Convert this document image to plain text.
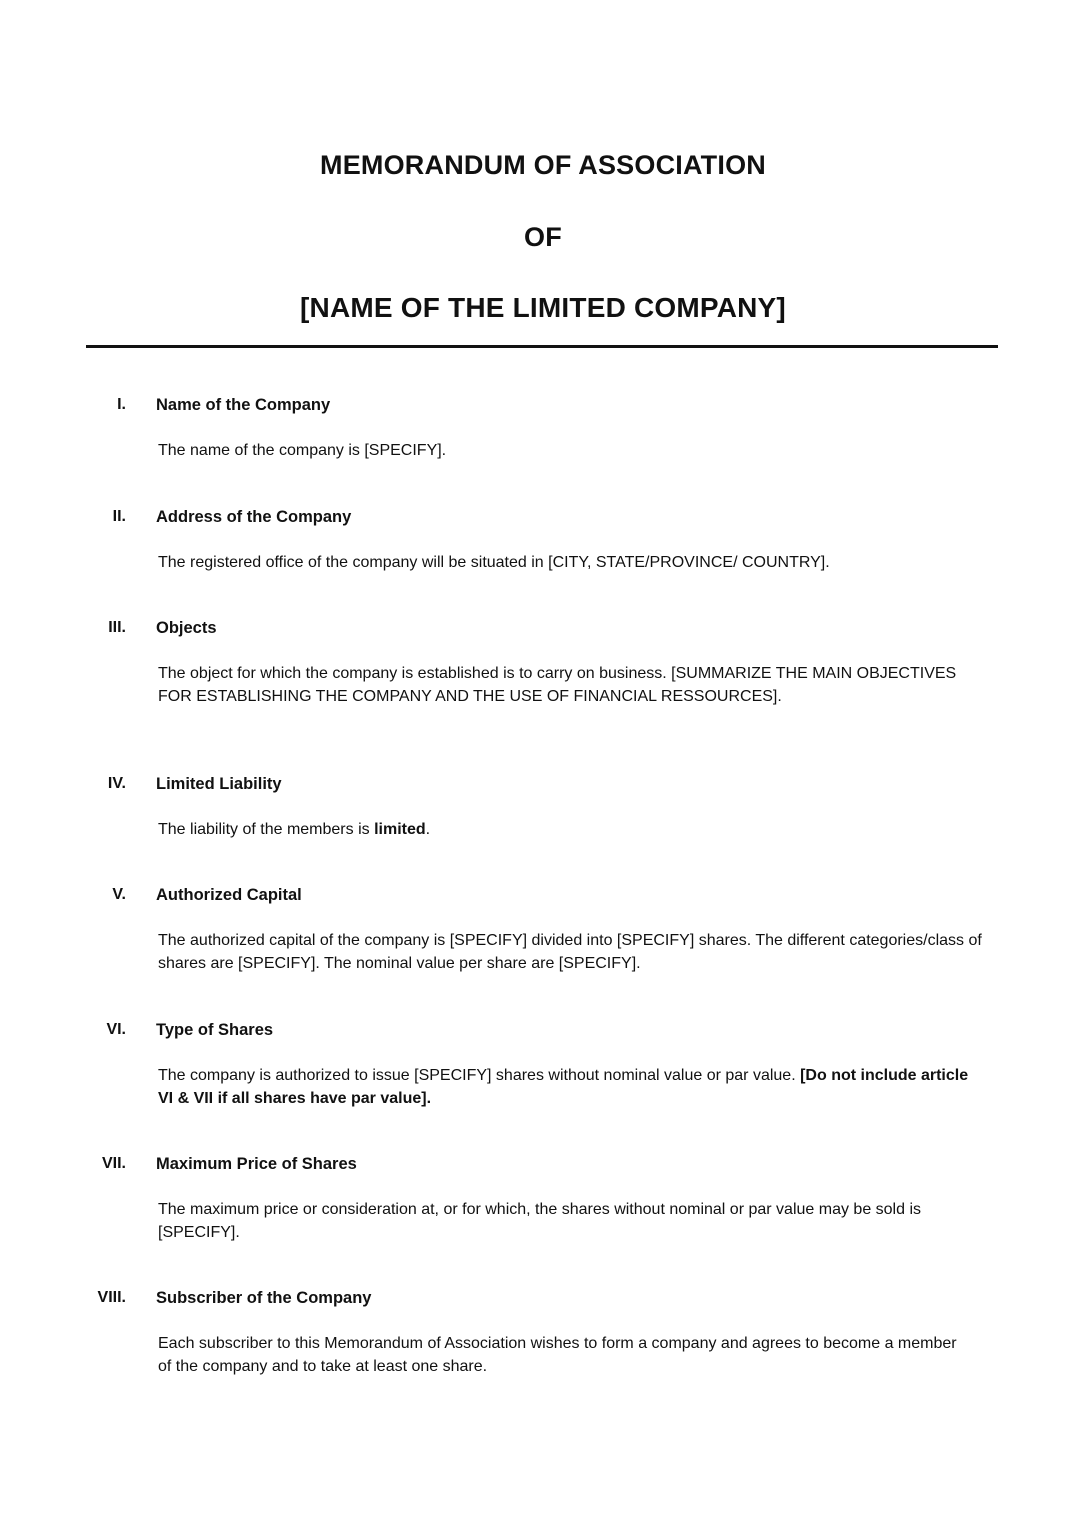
MEMORANDUM OF ASSOCIATION
OF
[NAME OF THE LIMITED COMPANY]
I. Name of the Company

The name of the company is [SPECIFY].

II. Address of the Company

The registered office of the company will be situated in [CITY, STATE/PROVINCE/ COUNTRY].

III. Objects

The object for which the company is established is to carry on business. [SUMMARIZE THE MAIN OBJECTIVES FOR ESTABLISHING THE COMPANY AND THE USE OF FINANCIAL RESSOURCES].

IV. Limited Liability

The liability of the members is limited.

V. Authorized Capital

The authorized capital of the company is [SPECIFY] divided into [SPECIFY] shares. The different categories/class of shares are [SPECIFY]. The nominal value per share are [SPECIFY].

VI. Type of Shares

The company is authorized to issue [SPECIFY] shares without nominal value or par value. [Do not include article VI & VII if all shares have par value].

VII. Maximum Price of Shares

The maximum price or consideration at, or for which, the shares without nominal or par value may be sold is [SPECIFY].

VIII. Subscriber of the Company

Each subscriber to this Memorandum of Association wishes to form a company and agrees to become a member of the company and to take at least one share.
